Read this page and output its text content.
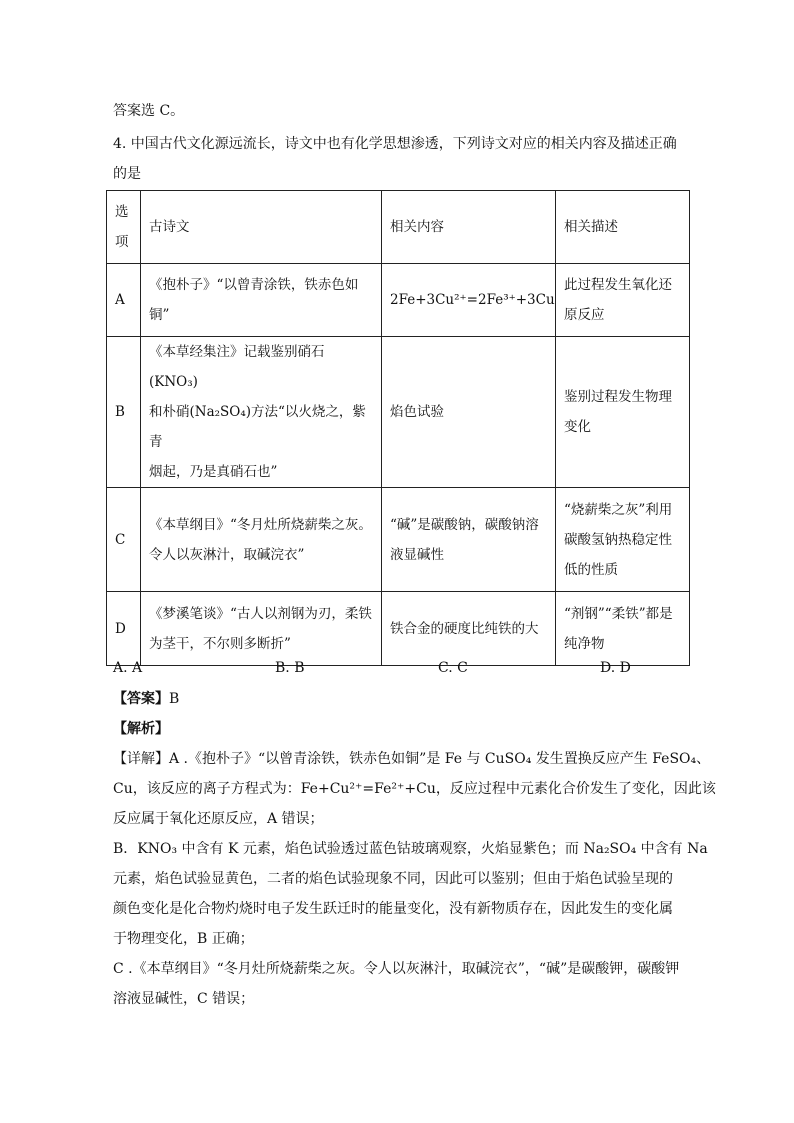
答案选 C。
4. 中国古代文化源远流长，诗文中也有化学思想渗透，下列诗文对应的相关内容及描述正确
的是
选
项	古诗文	相关内容	相关描述
A	《抱朴子》“以曾青涂铁，铁赤色如铜”	2Fe+3Cu²⁺=2Fe³⁺+3Cu	此过程发生氧化还
原反应
B	《本草经集注》记载鉴别硝石(KNO₃)
和朴硝(Na₂SO₄)方法“以火烧之，紫青
烟起，乃是真硝石也”	焰色试验	鉴别过程发生物理
变化
C	《本草纲目》“冬月灶所烧薪柴之灰。
令人以灰淋汁，取碱浣衣”	“碱”是碳酸钠，碳酸钠溶
液显碱性	“烧薪柴之灰”利用
碳酸氢钠热稳定性
低的性质
D	《梦溪笔谈》“古人以剂钢为刃，柔铁
为茎干，不尔则多断折”	铁合金的硬度比纯铁的大	“剂钢”“柔铁”都是
纯净物
A. A	B. B	C. C	D. D
【答案】B
【解析】
【详解】A .《抱朴子》“以曾青涂铁，铁赤色如铜”是 Fe 与 CuSO₄ 发生置换反应产生 FeSO₄、
Cu，该反应的离子方程式为：Fe+Cu²⁺=Fe²⁺+Cu，反应过程中元素化合价发生了变化，因此该
反应属于氧化还原反应，A 错误；
B．KNO₃ 中含有 K 元素，焰色试验透过蓝色钴玻璃观察，火焰显紫色；而 Na₂SO₄ 中含有 Na
元素，焰色试验显黄色，二者的焰色试验现象不同，因此可以鉴别；但由于焰色试验呈现的
颜色变化是化合物灼烧时电子发生跃迁时的能量变化，没有新物质存在，因此发生的变化属
于物理变化，B 正确；
C .《本草纲目》“冬月灶所烧薪柴之灰。令人以灰淋汁，取碱浣衣”，“碱”是碳酸钾，碳酸钾
溶液显碱性，C 错误；
